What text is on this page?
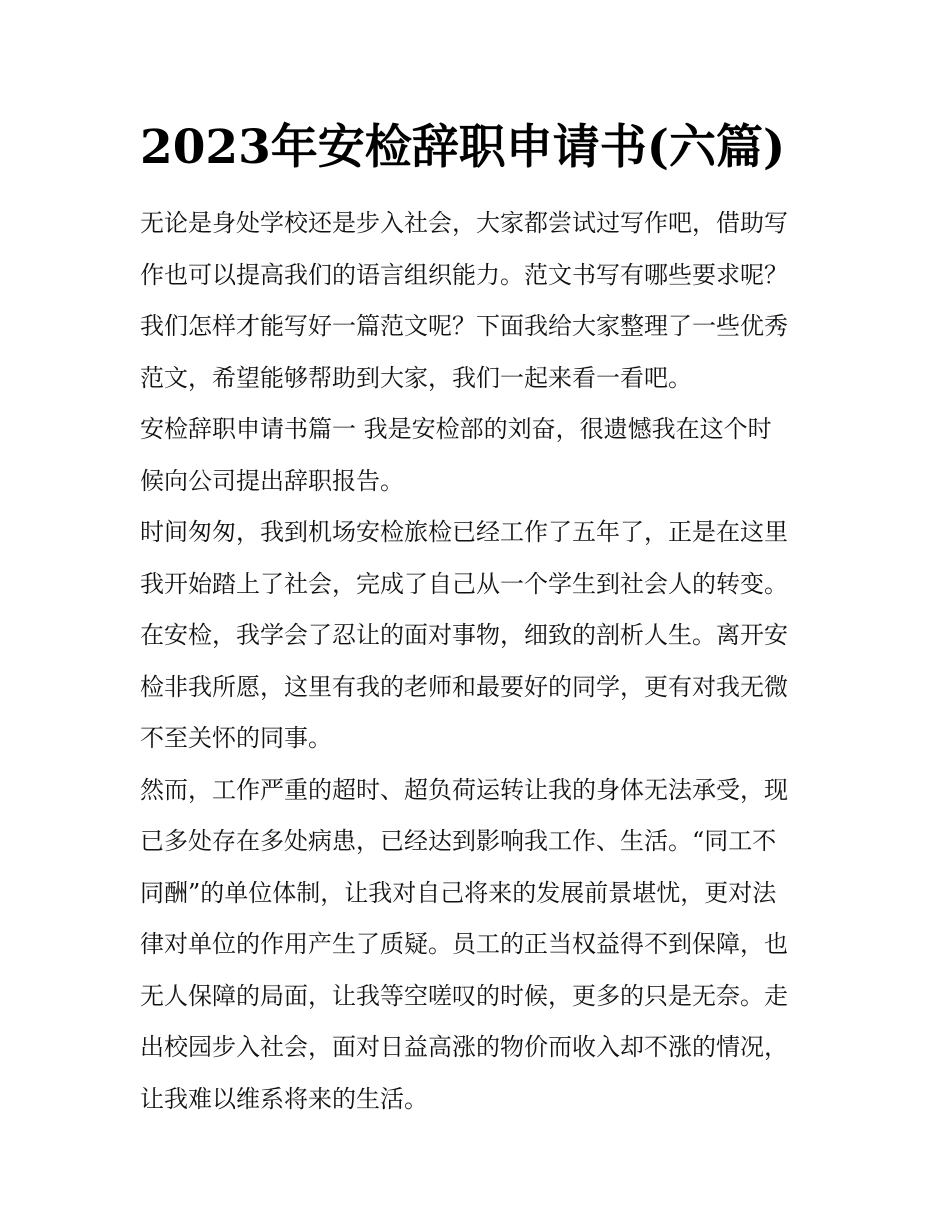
2023年安检辞职申请书(六篇)
无论是身处学校还是步入社会，大家都尝试过写作吧，借助写
作也可以提高我们的语言组织能力。范文书写有哪些要求呢？
我们怎样才能写好一篇范文呢？下面我给大家整理了一些优秀
范文，希望能够帮助到大家，我们一起来看一看吧。
安检辞职申请书篇一 我是安检部的刘奋，很遗憾我在这个时
候向公司提出辞职报告。
时间匆匆，我到机场安检旅检已经工作了五年了，正是在这里
我开始踏上了社会，完成了自己从一个学生到社会人的转变。
在安检，我学会了忍让的面对事物，细致的剖析人生。离开安
检非我所愿，这里有我的老师和最要好的同学，更有对我无微
不至关怀的同事。
然而，工作严重的超时、超负荷运转让我的身体无法承受，现
已多处存在多处病患，已经达到影响我工作、生活。“同工不
同酬”的单位体制，让我对自己将来的发展前景堪忧，更对法
律对单位的作用产生了质疑。员工的正当权益得不到保障，也
无人保障的局面，让我等空嗟叹的时候，更多的只是无奈。走
出校园步入社会，面对日益高涨的物价而收入却不涨的情况，
让我难以维系将来的生活。
